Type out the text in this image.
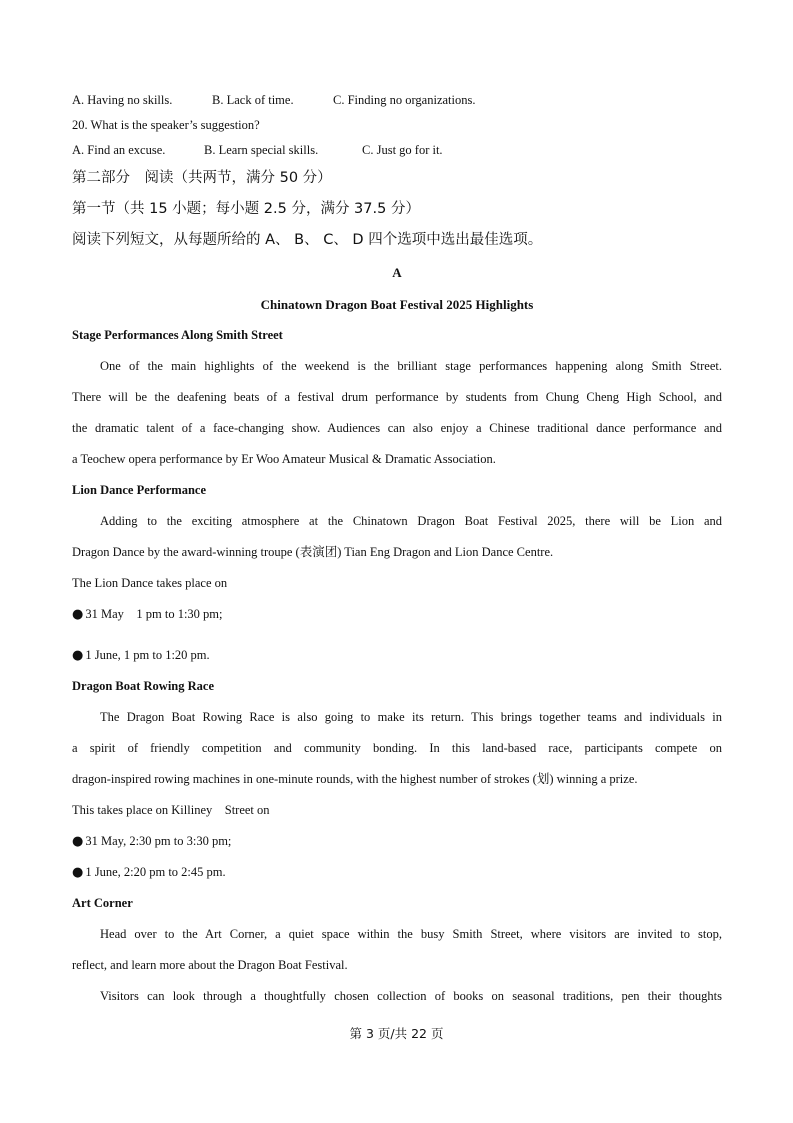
A. Having no skills.	B. Lack of time.	C. Finding no organizations.
20. What is the speaker’s suggestion?
A. Find an excuse.	B. Learn special skills.	C. Just go for it.
第二部分　阅读（共两节，满分 50 分）
第一节（共 15 小题；每小题 2.5 分，满分 37.5 分）
阅读下列短文，从每题所给的 A、 B、 C、 D 四个选项中选出最佳选项。
A
Chinatown Dragon Boat Festival 2025 Highlights
Stage Performances Along Smith Street
One of the main highlights of the weekend is the brilliant stage performances happening along Smith Street.
There will be the deafening beats of a festival drum performance by students from Chung Cheng High School, and
the dramatic talent of a face-changing show. Audiences can also enjoy a Chinese traditional dance performance and
a Teochew opera performance by Er Woo Amateur Musical & Dramatic Association.
Lion Dance Performance
Adding to the exciting atmosphere at the Chinatown Dragon Boat Festival 2025, there will be Lion and
Dragon Dance by the award-winning troupe (表演团) Tian Eng Dragon and Lion Dance Centre.
The Lion Dance takes place on
● 31 May　1 pm to 1:30 pm;
● 1 June, 1 pm to 1:20 pm.
Dragon Boat Rowing Race
The Dragon Boat Rowing Race is also going to make its return. This brings together teams and individuals in
a spirit of friendly competition and community bonding. In this land-based race, participants compete on
dragon-inspired rowing machines in one-minute rounds, with the highest number of strokes (划) winning a prize.
This takes place on Killiney　Street on
● 31 May, 2:30 pm to 3:30 pm;
● 1 June, 2:20 pm to 2:45 pm.
Art Corner
Head over to the Art Corner, a quiet space within the busy Smith Street, where visitors are invited to stop,
reflect, and learn more about the Dragon Boat Festival.
Visitors can look through a thoughtfully chosen collection of books on seasonal traditions, pen their thoughts
第 3 页/共 22 页
